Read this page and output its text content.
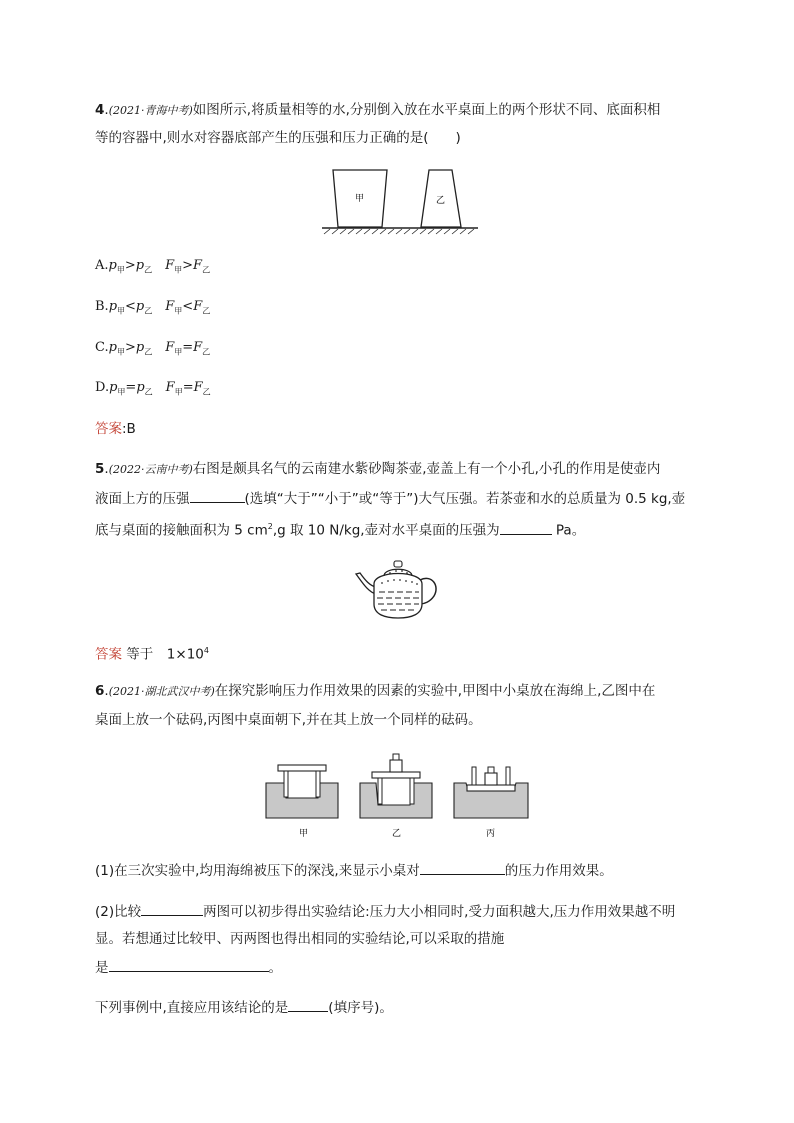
4.(2021·青海中考)如图所示,将质量相等的水,分别倒入放在水平桌面上的两个形状不同、底面积相
等的容器中,则水对容器底部产生的压强和压力正确的是(　　)
甲	乙
$A.p_甲>p_乙$  $F_甲>F_乙$
$B.p_甲<p_乙$  $F_甲<F_乙$
$C.p_甲>p_乙$  $F_甲=F_乙$
$D.p_甲=p_乙$  $F_甲=F_乙$
答案:B
5.(2022·云南中考)右图是颇具名气的云南建水紫砂陶茶壶,壶盖上有一个小孔,小孔的作用是使壶内
液面上方的压强	(选填“大于”“小于”或“等于”)大气压强。若茶壶和水的总质量为 0.5 kg,壶
底与桌面的接触面积为 5 $cm^2,g$ 取 10 N/kg,壶对水平桌面的压强为	Pa。
答案 等于　$1\times 10^4$
6.(2021·湖北武汉中考)在探究影响压力作用效果的因素的实验中,甲图中小桌放在海绵上,乙图中在
桌面上放一个砝码,丙图中桌面朝下,并在其上放一个同样的砝码。
甲	乙	丙
(1)在三次实验中,均用海绵被压下的深浅,来显示小桌对	的压力作用效果。
(2)比较	两图可以初步得出实验结论:压力大小相同时,受力面积越大,压力作用效果越不明
显。若想通过比较甲、丙两图也得出相同的实验结论,可以采取的措施
是	。
下列事例中,直接应用该结论的是	(填序号)。
